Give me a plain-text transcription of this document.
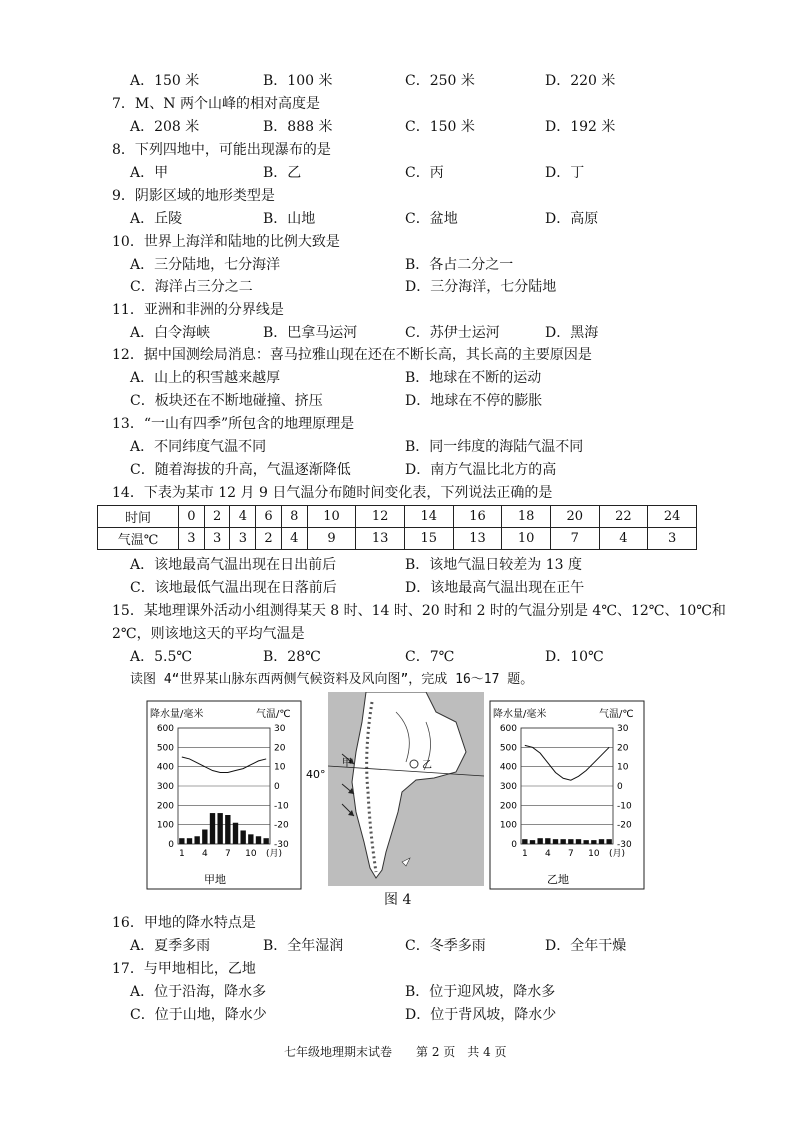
A．150 米	B．100 米	C．250 米	D．220 米
7．M、N 两个山峰的相对高度是
A．208 米	B．888 米	C．150 米	D．192 米
8．下列四地中，可能出现瀑布的是
A．甲	B．乙	C．丙	D．丁
9．阴影区域的地形类型是
A．丘陵	B．山地	C．盆地	D．高原
10．世界上海洋和陆地的比例大致是
A．三分陆地，七分海洋	B．各占二分之一
C．海洋占三分之二	D．三分海洋，七分陆地
11．亚洲和非洲的分界线是
A．白令海峡	B．巴拿马运河	C．苏伊士运河	D．黑海
12．据中国测绘局消息：喜马拉雅山现在还在不断长高，其长高的主要原因是
A．山上的积雪越来越厚	B．地球在不断的运动
C．板块还在不断地碰撞、挤压	D．地球在不停的膨胀
13．“一山有四季”所包含的地理原理是
A．不同纬度气温不同	B．同一纬度的海陆气温不同
C．随着海拔的升高，气温逐渐降低	D．南方气温比北方的高
14．下表为某市 12 月 9 日气温分布随时间变化表，下列说法正确的是
时间	0	2	4	6	8	10	12	14	16	18	20	22	24
气温℃	3	3	3	2	4	9	13	15	13	10	7	4	3
A．该地最高气温出现在日出前后	B．该地气温日较差为 13 度
C．该地最低气温出现在日落前后	D．该地最高气温出现在正午
15．某地理课外活动小组测得某天 8 时、14 时、20 时和 2 时的气温分别是 4℃、12℃、10℃和
2℃，则该地这天的平均气温是
A．5.5℃	B．28℃	C．7℃	D．10℃
读图 4“世界某山脉东西两侧气候资料及风向图”，完成 16～17 题。
降水量/毫米	气温/℃
600
500
400
300
200
100
0
30
20
10
0
-10
-20
-30
1 4 7 10 (月)
甲地
40°
甲	乙
降水量/毫米	气温/℃
600
500
400
300
200
100
0
30
20
10
0
-10
-20
-30
1 4 7 10 (月)
乙地
图 4
16．甲地的降水特点是
A．夏季多雨	B．全年湿润	C．冬季多雨	D．全年干燥
17．与甲地相比，乙地
A．位于沿海，降水多	B．位于迎风坡，降水多
C．位于山地，降水少	D．位于背风坡，降水少
七年级地理期末试卷　　第 2 页　共 4 页
